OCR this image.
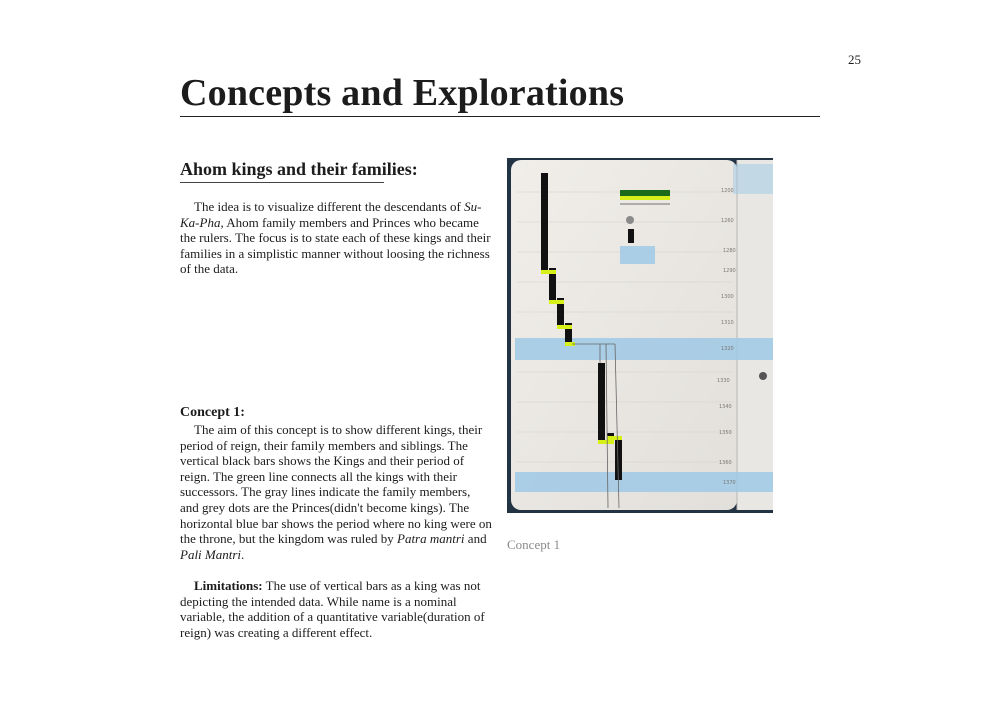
25
Concepts and Explorations
Ahom kings and their families:

The idea is to visualize different the descendants of Su-Ka-Pha, Ahom family members and Princes who became the rulers. The focus is to state each of these kings and their families in a simplistic manner without loosing the richness of the data.

Concept 1:

The aim of this concept is to show different kings, their period of reign, their family members and siblings. The vertical black bars shows the Kings and their period of reign. The green line connects all the kings with their successors. The gray lines indicate the family members, and grey dots are the Princes(didn't become kings). The horizontal blue bar shows the period where no king were on the throne, but the kingdom was ruled by Patra mantri and Pali Mantri.

Limitations: The use of vertical bars as a king was not depicting the intended data. While name is a nominal variable, the addition of a quantitative variable(duration of reign) was creating a different effect.

1200
1260
1280
1290
1300
1310
1320
1330
1340
1350
1360
1370
Concept 1
